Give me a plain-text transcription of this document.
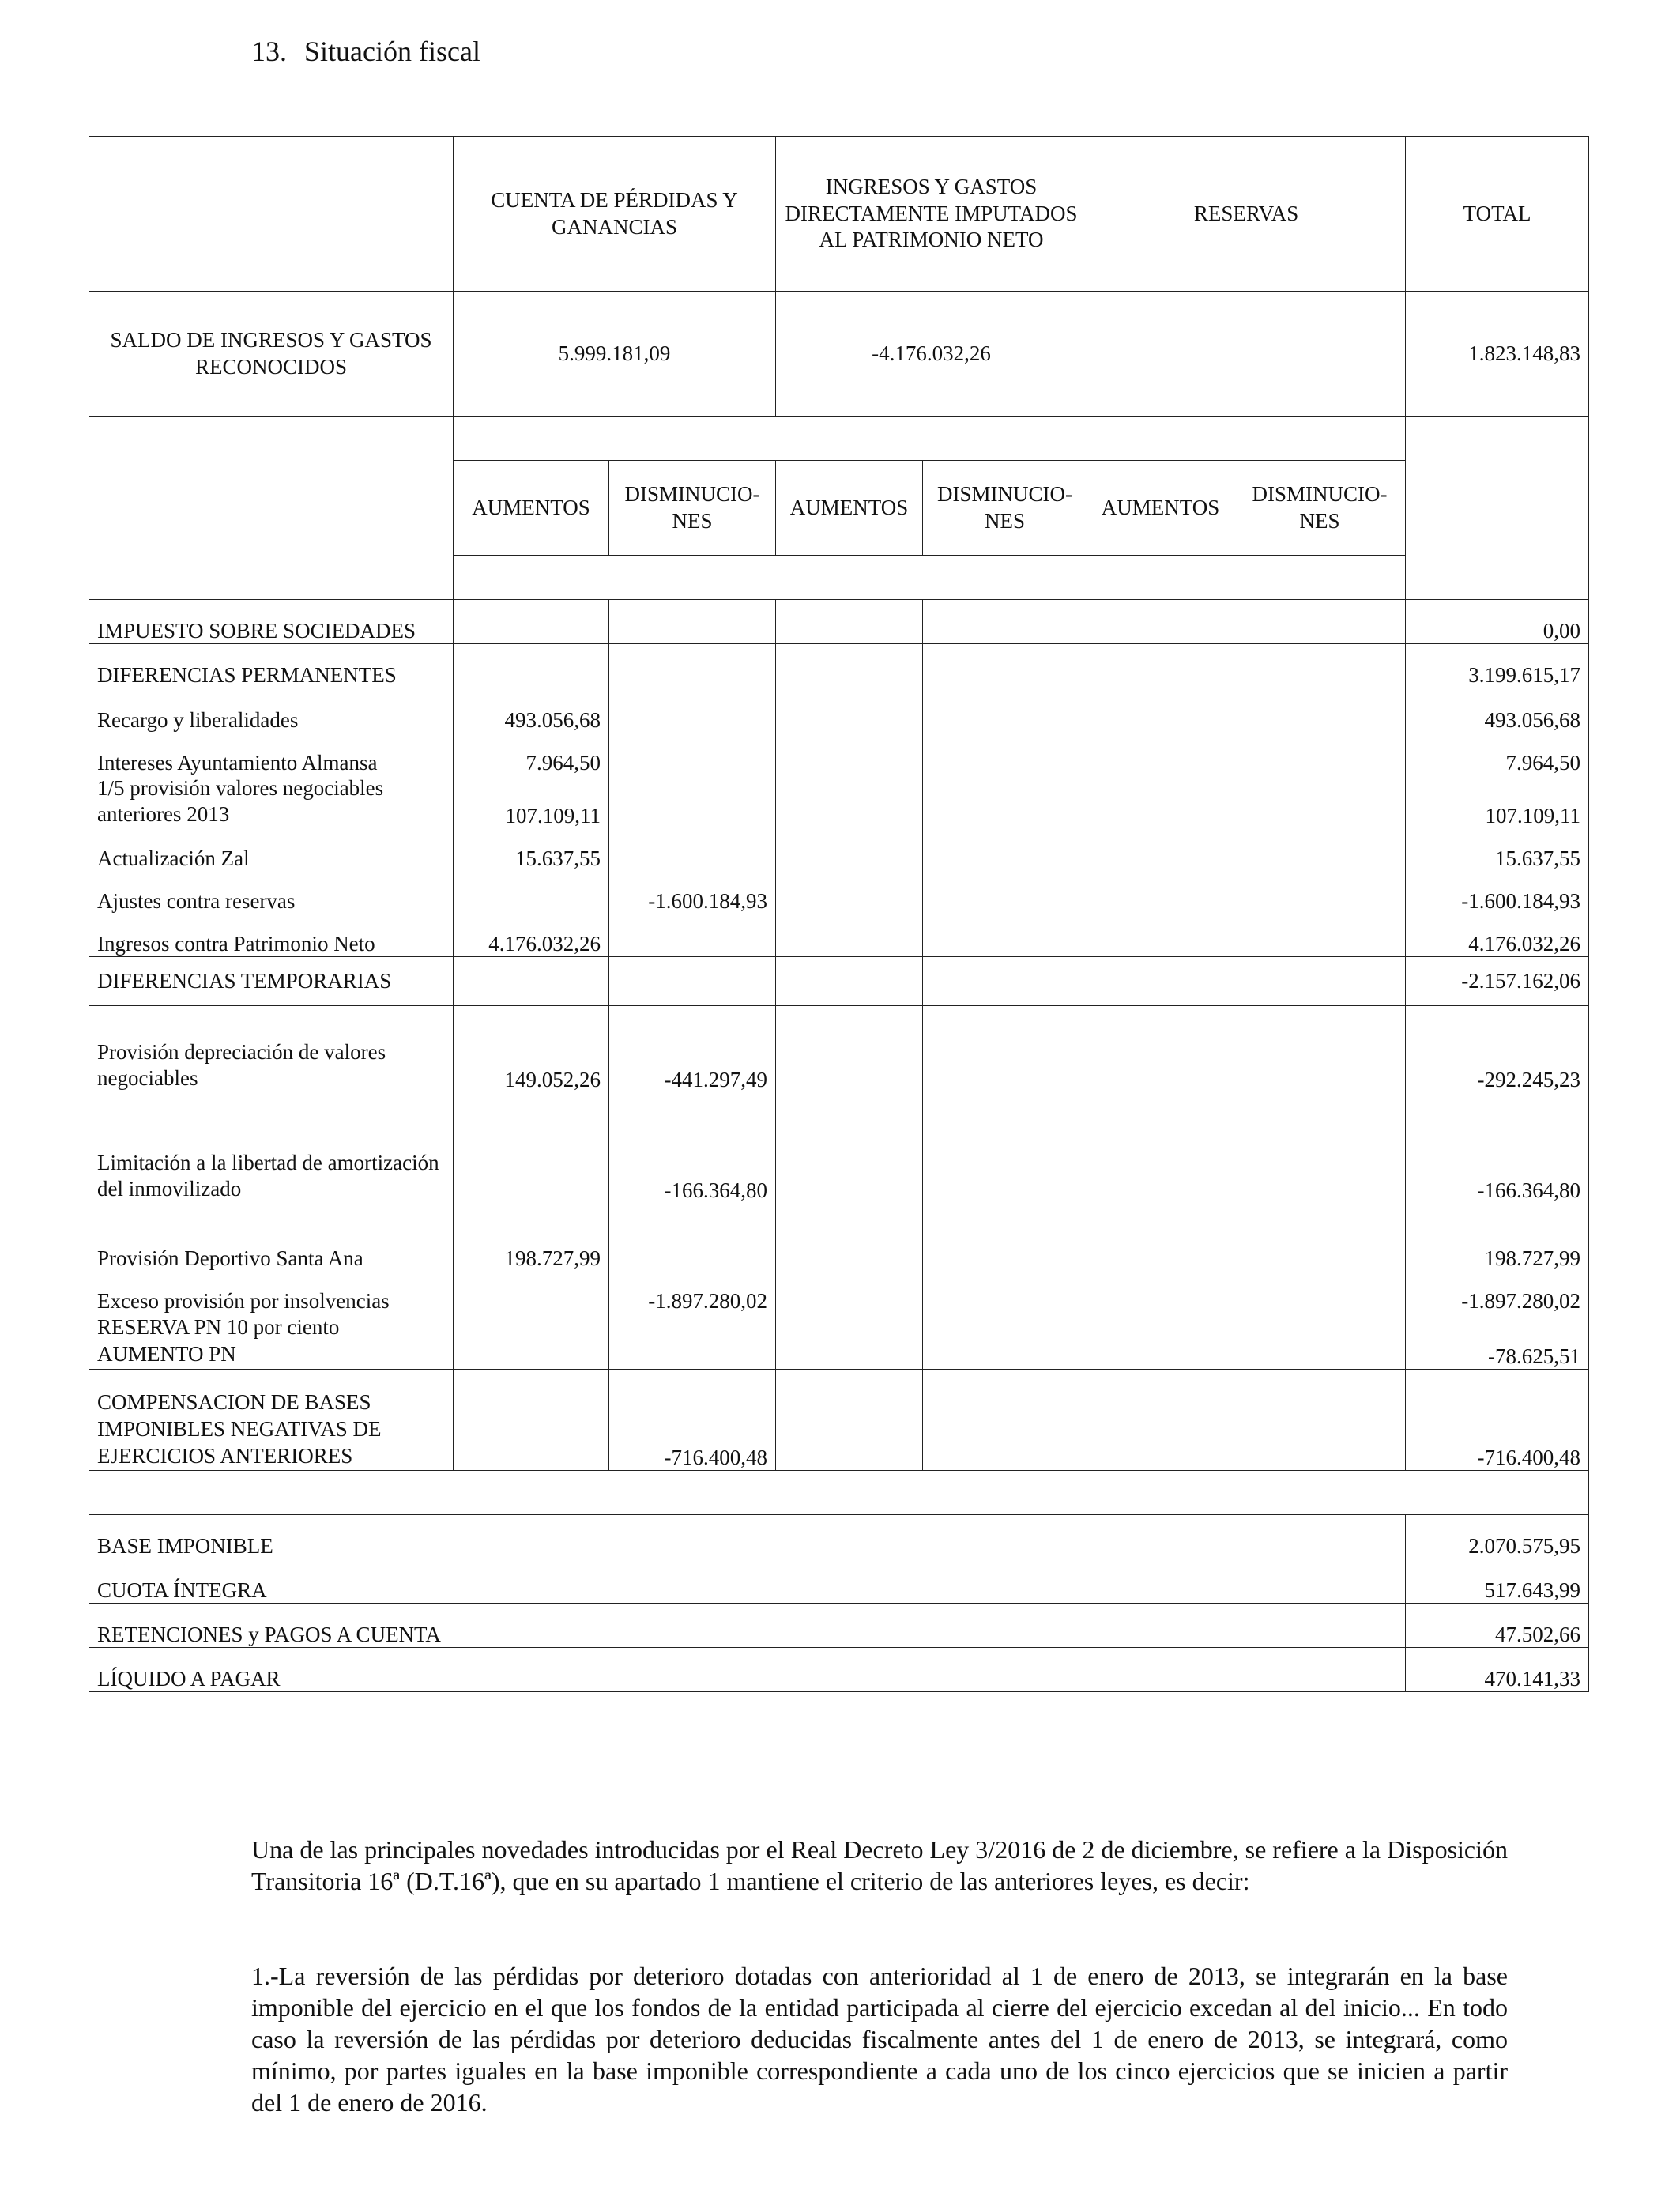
13. Situación fiscal
	CUENTA DE PÉRDIDAS Y GANANCIAS		INGRESOS Y GASTOS DIRECTAMENTE IMPUTADOS AL PATRIMONIO NETO		RESERVAS		TOTAL
SALDO DE INGRESOS Y GASTOS RECONOCIDOS	5.999.181,09		-4.176.032,26				1.823.148,83

	AUMENTOS	DISMINUCIO-NES	AUMENTOS	DISMINUCIO-NES	AUMENTOS	DISMINUCIO-NES	

IMPUESTO SOBRE SOCIEDADES							0,00
DIFERENCIAS PERMANENTES							3.199.615,17
Recargo y liberalidades	493.056,68						493.056,68
Intereses Ayuntamiento Almansa	7.964,50						7.964,50
1/5 provisión valores negociables anteriores 2013	107.109,11						107.109,11
Actualización Zal	15.637,55						15.637,55
Ajustes contra reservas		-1.600.184,93					-1.600.184,93
Ingresos contra Patrimonio Neto	4.176.032,26						4.176.032,26
DIFERENCIAS TEMPORARIAS							-2.157.162,06
Provisión depreciación de valores negociables	149.052,26	-441.297,49					-292.245,23
Limitación a la libertad de amortización del inmovilizado		-166.364,80					-166.364,80
Provisión Deportivo Santa Ana	198.727,99						198.727,99
Exceso provisión por insolvencias		-1.897.280,02					-1.897.280,02
RESERVA PN 10 por ciento AUMENTO PN							-78.625,51
COMPENSACION DE BASES IMPONIBLES NEGATIVAS DE EJERCICIOS ANTERIORES		-716.400,48					-716.400,48

BASE IMPONIBLE							2.070.575,95
CUOTA ÍNTEGRA							517.643,99
RETENCIONES y PAGOS A CUENTA							47.502,66
LÍQUIDO A PAGAR							470.141,33

Una de las principales novedades introducidas por el Real Decreto Ley 3/2016 de 2 de diciembre, se refiere a la Disposición Transitoria 16ª (D.T.16ª), que en su apartado 1 mantiene el criterio de las anteriores leyes, es decir:

1.-La reversión de las pérdidas por deterioro dotadas con anterioridad al 1 de enero de 2013, se integrarán en la base imponible del ejercicio en el que los fondos de la entidad participada al cierre del ejercicio excedan al del inicio... En todo caso la reversión de las pérdidas por deterioro deducidas fiscalmente antes del 1 de enero de 2013, se integrará, como mínimo, por partes iguales en la base imponible correspondiente a cada uno de los cinco ejercicios que se inicien a partir del 1 de enero de 2016.
